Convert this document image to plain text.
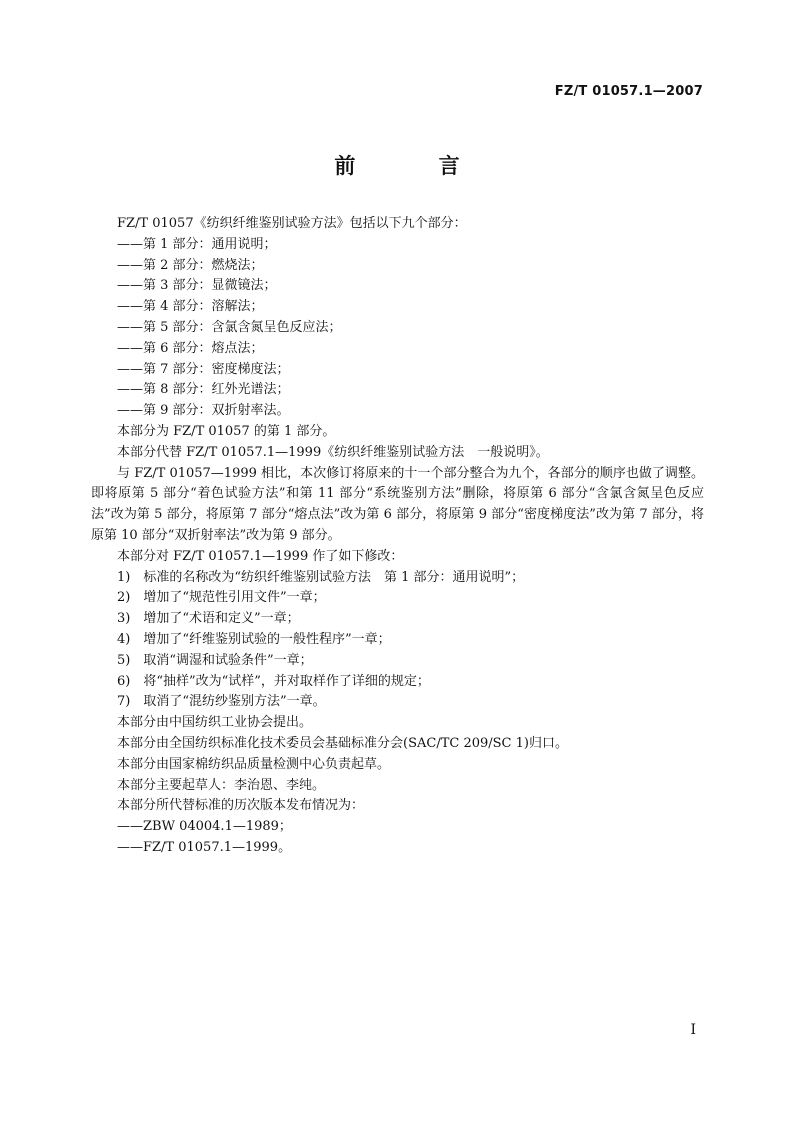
FZ/T 01057.1—2007
前 言

FZ/T 01057《纺织纤维鉴别试验方法》包括以下九个部分：

——第 1 部分：通用说明；

——第 2 部分：燃烧法；

——第 3 部分：显微镜法；

——第 4 部分：溶解法；

——第 5 部分：含氯含氮呈色反应法；

——第 6 部分：熔点法；

——第 7 部分：密度梯度法；

——第 8 部分：红外光谱法；

——第 9 部分：双折射率法。

本部分为 FZ/T 01057 的第 1 部分。

本部分代替 FZ/T 01057.1—1999《纺织纤维鉴别试验方法　一般说明》。

与 FZ/T 01057—1999 相比，本次修订将原来的十一个部分整合为九个，各部分的顺序也做了调整。即将原第 5 部分“着色试验方法”和第 11 部分“系统鉴别方法”删除，将原第 6 部分“含氯含氮呈色反应法”改为第 5 部分，将原第 7 部分“熔点法”改为第 6 部分，将原第 9 部分“密度梯度法”改为第 7 部分，将原第 10 部分“双折射率法”改为第 9 部分。

本部分对 FZ/T 01057.1—1999 作了如下修改：

1)　标准的名称改为“纺织纤维鉴别试验方法　第 1 部分：通用说明”；

2)　增加了“规范性引用文件”一章；

3)　增加了“术语和定义”一章；

4)　增加了“纤维鉴别试验的一般性程序”一章；

5)　取消“调湿和试验条件”一章；

6)　将“抽样”改为“试样”，并对取样作了详细的规定；

7)　取消了“混纺纱鉴别方法”一章。

本部分由中国纺织工业协会提出。

本部分由全国纺织标准化技术委员会基础标准分会(SAC/TC 209/SC 1)归口。

本部分由国家棉纺织品质量检测中心负责起草。

本部分主要起草人：李治恩、李纯。

本部分所代替标准的历次版本发布情况为：

——ZBW 04004.1—1989；

——FZ/T 01057.1—1999。

I
